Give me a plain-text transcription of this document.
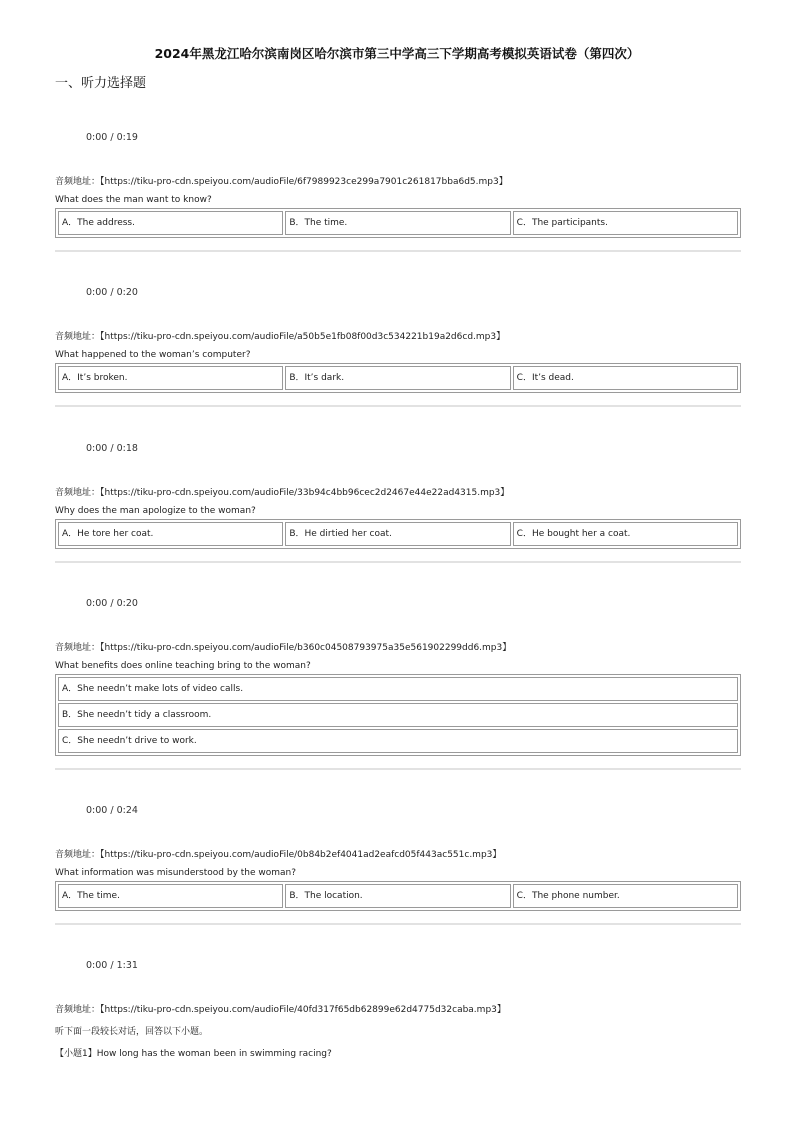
2024年黑龙江哈尔滨南岗区哈尔滨市第三中学高三下学期高考模拟英语试卷（第四次）
一、听力选择题
0:00 / 0:19
音频地址：【https://tiku-pro-cdn.speiyou.com/audioFile/6f7989923ce299a7901c261817bba6d5.mp3】
What does the man want to know?
A．The address.	B．The time.	C．The participants.
0:00 / 0:20
音频地址：【https://tiku-pro-cdn.speiyou.com/audioFile/a50b5e1fb08f00d3c534221b19a2d6cd.mp3】
What happened to the woman’s computer?
A．It’s broken.	B．It’s dark.	C．It’s dead.
0:00 / 0:18
音频地址：【https://tiku-pro-cdn.speiyou.com/audioFile/33b94c4bb96cec2d2467e44e22ad4315.mp3】
Why does the man apologize to the woman?
A．He tore her coat.	B．He dirtied her coat.	C．He bought her a coat.
0:00 / 0:20
音频地址：【https://tiku-pro-cdn.speiyou.com/audioFile/b360c04508793975a35e561902299dd6.mp3】
What benefits does online teaching bring to the woman?
A．She needn’t make lots of video calls.
B．She needn’t tidy a classroom.
C．She needn’t drive to work.
0:00 / 0:24
音频地址：【https://tiku-pro-cdn.speiyou.com/audioFile/0b84b2ef4041ad2eafcd05f443ac551c.mp3】
What information was misunderstood by the woman?
A．The time.	B．The location.	C．The phone number.
0:00 / 1:31
音频地址：【https://tiku-pro-cdn.speiyou.com/audioFile/40fd317f65db62899e62d4775d32caba.mp3】
听下面一段较长对话，回答以下小题。
【小题1】How long has the woman been in swimming racing?
